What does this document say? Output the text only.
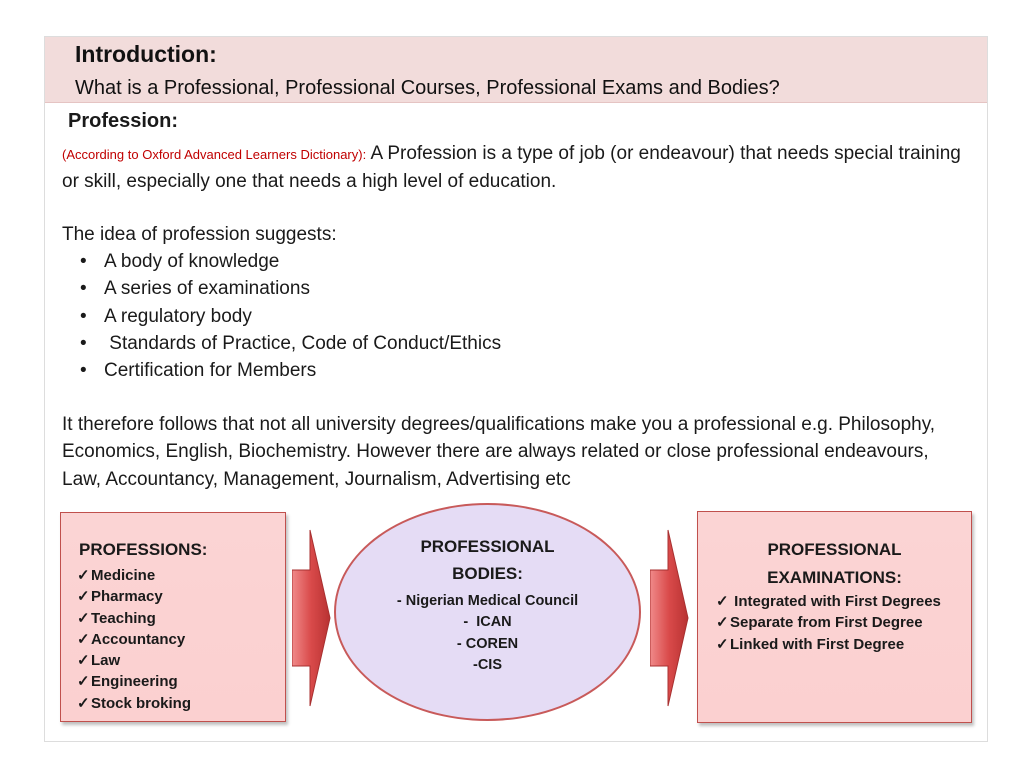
Introduction:
What is a Professional, Professional Courses, Professional Exams and Bodies?
Profession:
(According to Oxford Advanced Learners Dictionary): A Profession is a type of job (or endeavour) that needs special training or skill, especially one that needs a high level of education.
The idea of profession suggests:
• A body of knowledge
• A series of examinations
• A regulatory body
• Standards of Practice, Code of Conduct/Ethics
• Certification for Members
It therefore follows that not all university degrees/qualifications make you a professional e.g. Philosophy, Economics, English, Biochemistry. However there are always related or close professional endeavours, Law, Accountancy, Management, Journalism, Advertising etc
PROFESSIONS:
✓Medicine
✓Pharmacy
✓Teaching
✓Accountancy
✓Law
✓Engineering
✓Stock broking
PROFESSIONAL BODIES:
- Nigerian Medical Council
-  ICAN
- COREN
-CIS
PROFESSIONAL
EXAMINATIONS:
✓ Integrated with First Degrees
✓Separate from First Degree
✓Linked with First Degree
